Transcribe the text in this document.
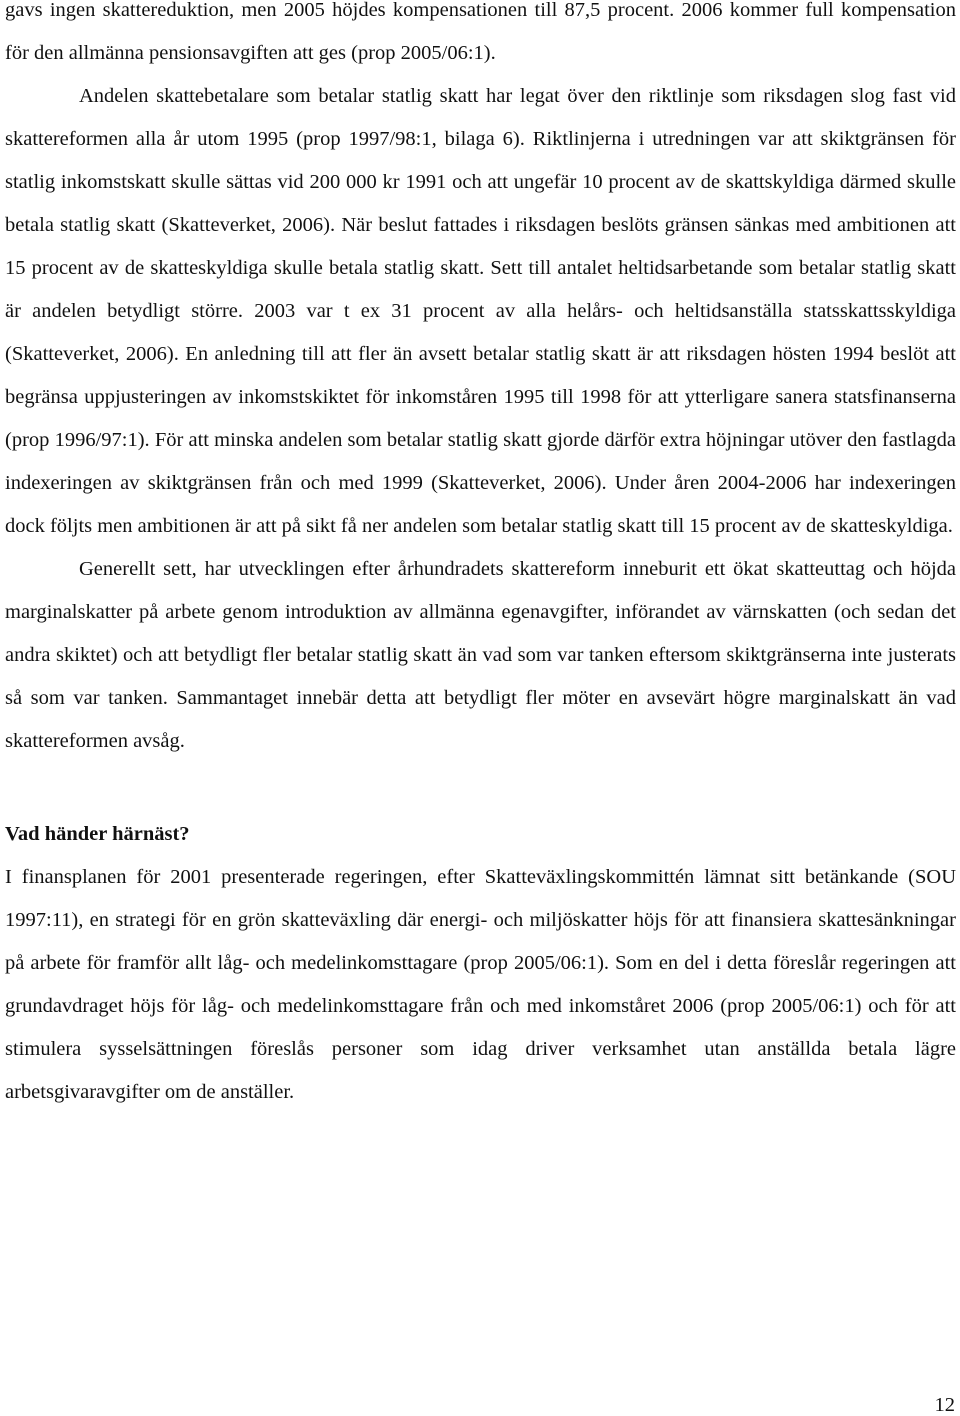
gavs ingen skattereduktion, men 2005 höjdes kompensationen till 87,5 procent. 2006 kommer full kompensation för den allmänna pensionsavgiften att ges (prop 2005/06:1).

Andelen skattebetalare som betalar statlig skatt har legat över den riktlinje som riksdagen slog fast vid skattereformen alla år utom 1995 (prop 1997/98:1, bilaga 6). Riktlinjerna i utredningen var att skiktgränsen för statlig inkomstskatt skulle sättas vid 200 000 kr 1991 och att ungefär 10 procent av de skattskyldiga därmed skulle betala statlig skatt (Skatteverket, 2006). När beslut fattades i riksdagen beslöts gränsen sänkas med ambitionen att 15 procent av de skatteskyldiga skulle betala statlig skatt. Sett till antalet heltidsarbetande som betalar statlig skatt är andelen betydligt större. 2003 var t ex 31 procent av alla helårs- och heltidsanställa statsskattsskyldiga (Skatteverket, 2006). En anledning till att fler än avsett betalar statlig skatt är att riksdagen hösten 1994 beslöt att begränsa uppjusteringen av inkomstskiktet för inkomståren 1995 till 1998 för att ytterligare sanera statsfinanserna (prop 1996/97:1). För att minska andelen som betalar statlig skatt gjorde därför extra höjningar utöver den fastlagda indexeringen av skiktgränsen från och med 1999 (Skatteverket, 2006). Under åren 2004-2006 har indexeringen dock följts men ambitionen är att på sikt få ner andelen som betalar statlig skatt till 15 procent av de skatteskyldiga.

Generellt sett, har utvecklingen efter århundradets skattereform inneburit ett ökat skatteuttag och höjda marginalskatter på arbete genom introduktion av allmänna egenavgifter, införandet av värnskatten (och sedan det andra skiktet) och att betydligt fler betalar statlig skatt än vad som var tanken eftersom skiktgränserna inte justerats så som var tanken. Sammantaget innebär detta att betydligt fler möter en avsevärt högre marginalskatt än vad skattereformen avsåg.

Vad händer härnäst?

I finansplanen för 2001 presenterade regeringen, efter Skatteväxlingskommittén lämnat sitt betänkande (SOU 1997:11), en strategi för en grön skatteväxling där energi- och miljöskatter höjs för att finansiera skattesänkningar på arbete för framför allt låg- och medelinkomsttagare (prop 2005/06:1). Som en del i detta föreslår regeringen att grundavdraget höjs för låg- och medelinkomsttagare från och med inkomståret 2006 (prop 2005/06:1) och för att stimulera sysselsättningen föreslås personer som idag driver verksamhet utan anställda betala lägre arbetsgivaravgifter om de anställer.

12
